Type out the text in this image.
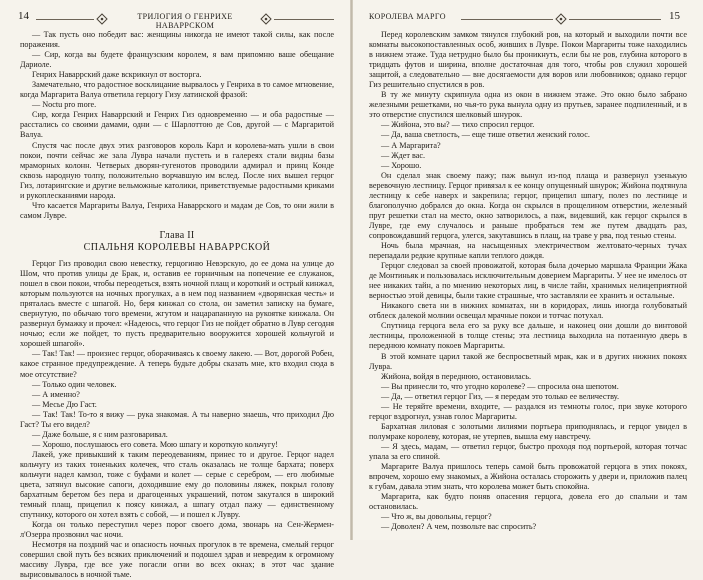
14	ТРИЛОГИЯ О ГЕНРИХЕ НАВАРРСКОМ

— Так пусть оно победит вас: женщины никогда не имеют такой силы, как после поражения.

— Сир, когда вы будете французским королем, я вам припомню ваше обещание Дариоле.

Генрих Наваррский даже вскрикнул от восторга.

Замечательно, что радостное восклицание вырвалось у Генриха в то самое мгновение, когда Маргарита Валуа ответила герцогу Гизу латинской фразой:

— Noctu pro more.

Сир, когда Генрих Наваррский и Генрих Гиз одновременно — и оба радостные — расстались со своими дамами, одни — с Шарлоттою де Сов, другой — с Маргаритой Валуа.

Спустя час после двух этих разговоров король Карл и королева-мать ушли в свои покои, почти сейчас же зала Лувра начали пустеть и в галереях стали видны базы мраморных колонн. Четверых дворян-гугенотов проводили адмирал и принц Конде сквозь народную толпу, положительно ворчавшую им вслед. После них вышел герцог Гиз, лотарингские и другие вельможные католики, приветствуемые радостными криками и рукоплесканиями народа.

Что касается Маргариты Валуа, Генриха Наваррского и мадам де Сов, то они жили в самом Лувре.

Глава II
СПАЛЬНЯ КОРОЛЕВЫ НАВАРРСКОЙ

Герцог Гиз проводил свою невестку, герцогиню Невэрскую, до ее дома на улице до Шом, что против улицы де Брак, и, оставив ее горничным на попечение ее служанок, пошел в свои покои, чтобы переодеться, взять ночной плащ и короткий и острый кинжал, которым пользуются на ночных прогулках, а в нем под названием «дворянская честь» и пряталась вместе с шпагой. Но, беря кинжал со стола, он заметил записку на бумаге, свернутую, по обычаю того времени, жгутом и нацарапанную на рукоятке кинжала. Он развернул бумажку и прочел: «Надеюсь, что герцог Гиз не пойдет обратно в Лувр сегодня ночью; если же пойдет, то пусть предварительно вооружится хорошей кольчугой и хорошей шпагой».

— Так! Так! — произнес герцог, оборачиваясь к своему лакею. — Вот, дорогой Робен, какое странное предупреждение. А теперь будьте добры сказать мне, кто входил сюда в мое отсутствие?

— Только один человек.

— А именно?

— Месье Дю Гаст.

— Так! Так! То-то я вижу — рука знакомая. А ты наверно знаешь, что приходил Дю Гаст? Ты его видел?

— Даже больше, я с ним разговаривал.

— Хорошо, послушаюсь его совета. Мою шпагу и короткую кольчугу!

Лакей, уже привыкший к таким переодеваниям, принес то и другое. Герцог надел кольчугу из таких тоненьких колечек, что сталь оказалась не толще бархата; поверх кольчуги надел камзол, тоже с буфами и колет — серые с серебром, — его любимые цвета, затянул высокие сапоги, доходившие ему до половины ляжек, покрыл голову бархатным беретом без пера и драгоценных украшений, потом закутался в широкий темный плащ, прицепил к поясу кинжал, а шпагу отдал пажу — единственному спутнику, которого он хотел взять с собой, — и пошел к Лувру.

Когда он только переступил через порог своего дома, звонарь на Сен-Жермен-л'Озерра прозвонил час ночи.

Несмотря на поздний час и опасность ночных прогулок в те времена, смелый герцог совершил свой путь без всяких приключений и подошел здрав и невредим к огромному массиву Лувра, где все уже погасли огни во всех окнах; в этот час здание вырисовывалось в ночной тьме.

КОРОЛЕВА МАРГО	15

Перед королевским замком тянулся глубокий ров, на который и выходили почти все комнаты высокопоставленных особ, живших в Лувре. Покои Маргариты тоже находились в нижнем этаже. Туда нетрудно было бы проникнуть, если бы не ров, глубина которого в тридцать футов и ширина, вполне достаточная для того, чтобы ров служил хорошей защитой, а следовательно — вне досягаемости для воров или любовников; однако герцог Гиз решительно спустился в ров.

В ту же минуту скрипнула одна из окон в нижнем этаже. Это окно было забрано железными решетками, но чья-то рука вынула одну из прутьев, заранее подпиленный, и в это отверстие спустился шелковый шнурок.

— Жийона, это вы? — тихо спросил герцог.

— Да, ваша светлость, — еще тише ответил женский голос.

— А Маргарита?

— Ждет вас.

— Хорошо.

Он сделал знак своему пажу; паж вынул из-под плаща и развернул узенькую веревочную лестницу. Герцог привязал к ее концу опущенный шнурок; Жийона подтянула лестницу к себе наверх и закрепила; герцог, прицепил шпагу, полез по лестнице и благополучно добрался до окна. Когда он скрылся в прощелином отверстии, железный прут решетки стал на место, окно затворилось, а паж, видевший, как герцог скрылся в Лувре, где ему случалось и раньше пробраться тем же путем двадцать раз, сопровождавший герцога, улегся, закутавшись в плащ, на траве у рва, под тенью стены.

Ночь была мрачная, на насыщенных электричеством желтовато-черных тучах перепадали редкие крупные капли теплого дождя.

Герцог следовал за своей провожатой, которая была дочерью маршала Франции Жака де Монтиньяк и пользовалась исключительным доверием Маргариты. У нее не имелось от нее никаких тайн, а по мнению некоторых лиц, в числе тайн, хранимых нелицеприятной верностью этой девицы, были такие страшные, что заставляли ее хранить и остальные.

Никакого света ни в нижних комнатах, ни в коридорах, лишь иногда голубоватый отблеск далекой молнии освещал мрачные покои и тотчас потухал.

Спутница герцога вела его за руку все дальше, и наконец они дошли до винтовой лестницы, проложенной в толще стены; эта лестница выходила на потаенную дверь в переднюю комнату покоев Маргариты.

В этой комнате царил такой же беспросветный мрак, как и в других нижних покоях Лувра.

Жийона, войдя в переднюю, остановилась.

— Вы принесли то, что угодно королеве? — спросила она шепотом.

— Да, — ответил герцог Гиз, — я передам это только ее величеству.

— Не теряйте времени, входите, — раздался из темноты голос, при звуке которого герцог вздрогнул, узнав голос Маргариты.

Бархатная лиловая с золотыми лилиями портьера приподнялась, и герцог увидел в полумраке королеву, которая, не утерпев, вышла ему навстречу.

— Я здесь, мадам, — ответил герцог, быстро проходя под портьерой, которая тотчас упала за его спиной.

Маргарите Валуа пришлось теперь самой быть провожатой герцога в этих покоях, впрочем, хорошо ему знакомых, а Жийона осталась сторожить у двери и, приложив палец к губам, давала этим знать, что королева может быть спокойна.

Маргарита, как будто поняв опасения герцога, довела его до спальни и там остановилась.

— Что ж, вы довольны, герцог?

— Доволен? А чем, позвольте вас спросить?
